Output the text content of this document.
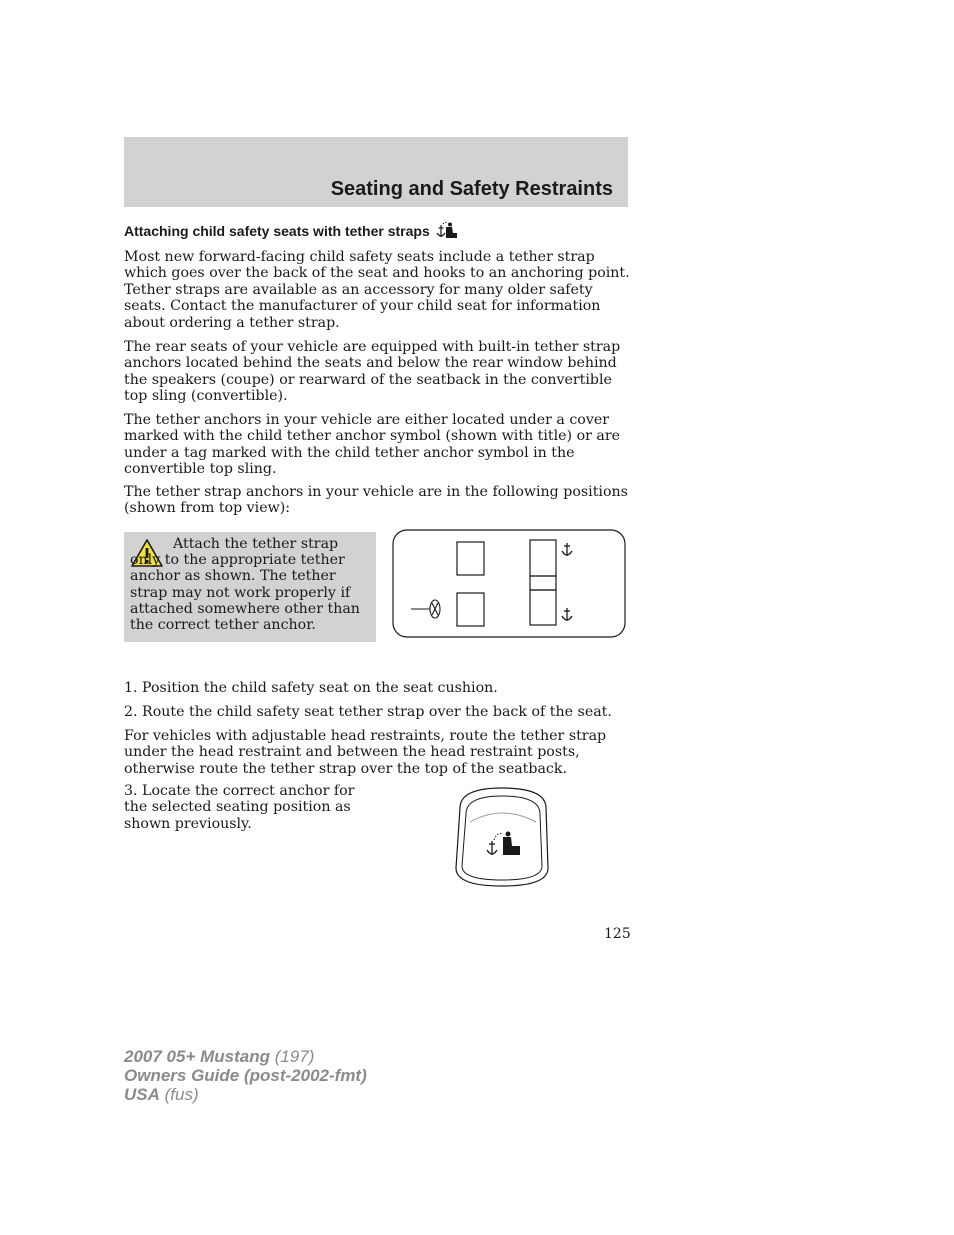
Seating and Safety Restraints
Attaching child safety seats with tether straps

Most new forward-facing child safety seats include a tether strap which goes over the back of the seat and hooks to an anchoring point. Tether straps are available as an accessory for many older safety seats. Contact the manufacturer of your child seat for information about ordering a tether strap.

The rear seats of your vehicle are equipped with built-in tether strap anchors located behind the seats and below the rear window behind the speakers (coupe) or rearward of the seatback in the convertible top sling (convertible).

The tether anchors in your vehicle are either located under a cover marked with the child tether anchor symbol (shown with title) or are under a tag marked with the child tether anchor symbol in the convertible top sling.

The tether strap anchors in your vehicle are in the following positions (shown from top view):

Attach the tether strap only to the appropriate tether anchor as shown. The tether strap may not work properly if attached somewhere other than the correct tether anchor.

1. Position the child safety seat on the seat cushion.

2. Route the child safety seat tether strap over the back of the seat.

For vehicles with adjustable head restraints, route the tether strap under the head restraint and between the head restraint posts, otherwise route the tether strap over the top of the seatback.

3. Locate the correct anchor for the selected seating position as shown previously.

125
2007 05+ Mustang (197)
Owners Guide (post-2002-fmt)
USA (fus)
